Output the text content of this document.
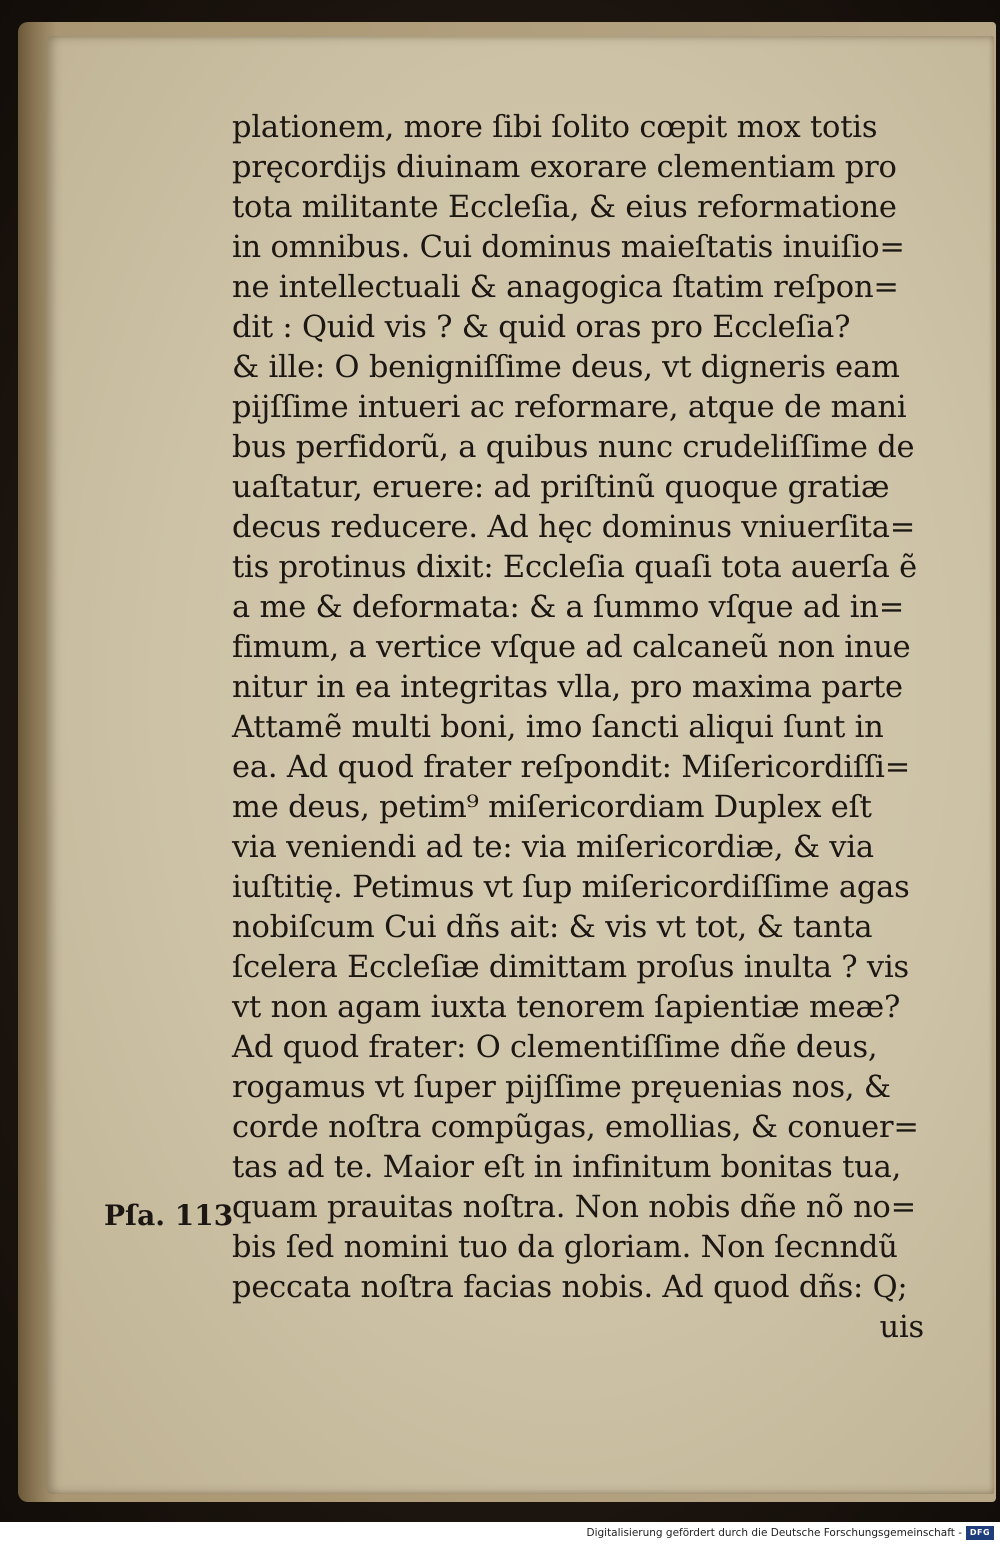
Pſa. 113
plationem, more ſibi ſolito cœpit mox totis
pręcordijs diuinam exorare clementiam pro
tota militante Eccleſia, & eius reformatione
in omnibus. Cui dominus maieſtatis inuiſio=
ne intellectuali & anagogica ſtatim reſpon=
dit : Quid vis ? & quid oras pro Eccleſia?
& ille: O benigniſſime deus, vt digneris eam
pijſſime intueri ac reformare, atque de mani
bus perfidorũ, a quibus nunc crudeliſſime de
uaſtatur, eruere: ad priſtinũ quoque gratiæ
decus reducere. Ad hęc dominus vniuerſita=
tis protinus dixit: Eccleſia quaſi tota auerſa ẽ
a me & deformata: & a ſummo vſque ad in=
fimum, a vertice vſque ad calcaneũ non inue
nitur in ea integritas vlla, pro maxima parte
Attamẽ multi boni, imo ſancti aliqui ſunt in
ea. Ad quod frater reſpondit: Miſericordiſſi=
me deus, petim⁹ miſericordiam Duplex eſt
via veniendi ad te: via miſericordiæ, & via
iuſtitię. Petimus vt ſup miſericordiſſime agas
nobiſcum Cui dñs ait: & vis vt tot, & tanta
ſcelera Eccleſiæ dimittam proſus inulta ? vis
vt non agam iuxta tenorem ſapientiæ meæ?
Ad quod frater: O clementiſſime dñe deus,
rogamus vt ſuper pijſſime pręuenias nos, &
corde noſtra compũgas, emollias, & conuer=
tas ad te. Maior eſt in infinitum bonitas tua,
quam prauitas noſtra. Non nobis dñe nõ no=
bis ſed nomini tuo da gloriam. Non ſecnndũ
peccata noſtra facias nobis. Ad quod dñs: Q;
uis
Digitalisierung gefördert durch die Deutsche Forschungsgemeinschaft - DFG
